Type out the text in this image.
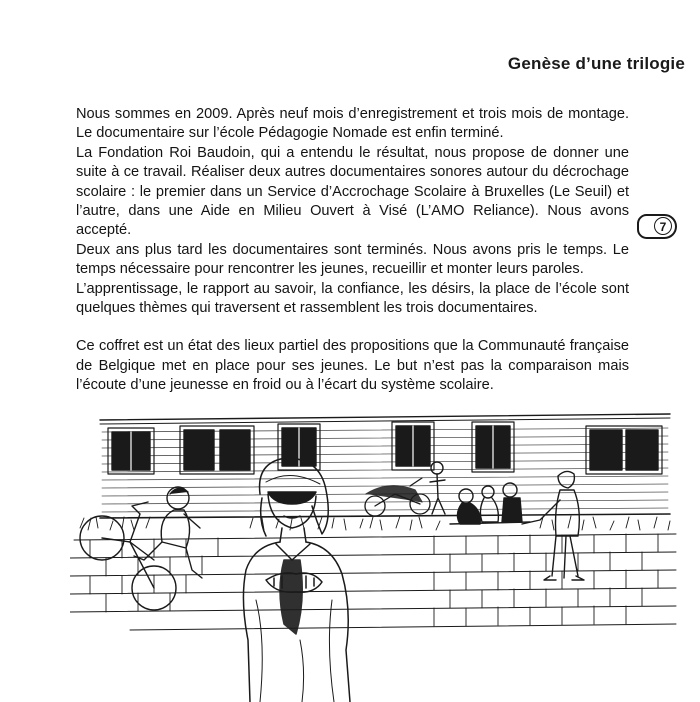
Genèse d’une trilogie
7

Nous sommes en 2009. Après neuf mois d’enregistrement et trois mois de montage. Le documentaire sur l’école Pédagogie Nomade est enfin terminé.

La Fondation Roi Baudoin, qui a entendu le résultat, nous propose de donner une suite à ce travail. Réaliser deux autres documentaires sonores autour du décrochage scolaire : le premier dans un Service d’Accrochage Scolaire à Bruxelles (Le Seuil) et l’autre, dans une Aide en Milieu Ouvert à Visé (L’AMO Reliance). Nous avons accepté.

Deux ans plus tard les documentaires sont terminés. Nous avons pris le temps. Le temps nécessaire pour rencontrer les jeunes, recueillir et monter leurs paroles.

L’apprentissage, le rapport au savoir, la confiance, les désirs, la place de l’école sont quelques thèmes qui traversent et rassemblent les trois documentaires.

Ce coffret est un état des lieux partiel des propositions que la Communauté française de Belgique met en place pour ses jeunes. Le but n’est pas la comparaison mais l’écoute d’une jeunesse en froid ou à l’écart du système scolaire.
